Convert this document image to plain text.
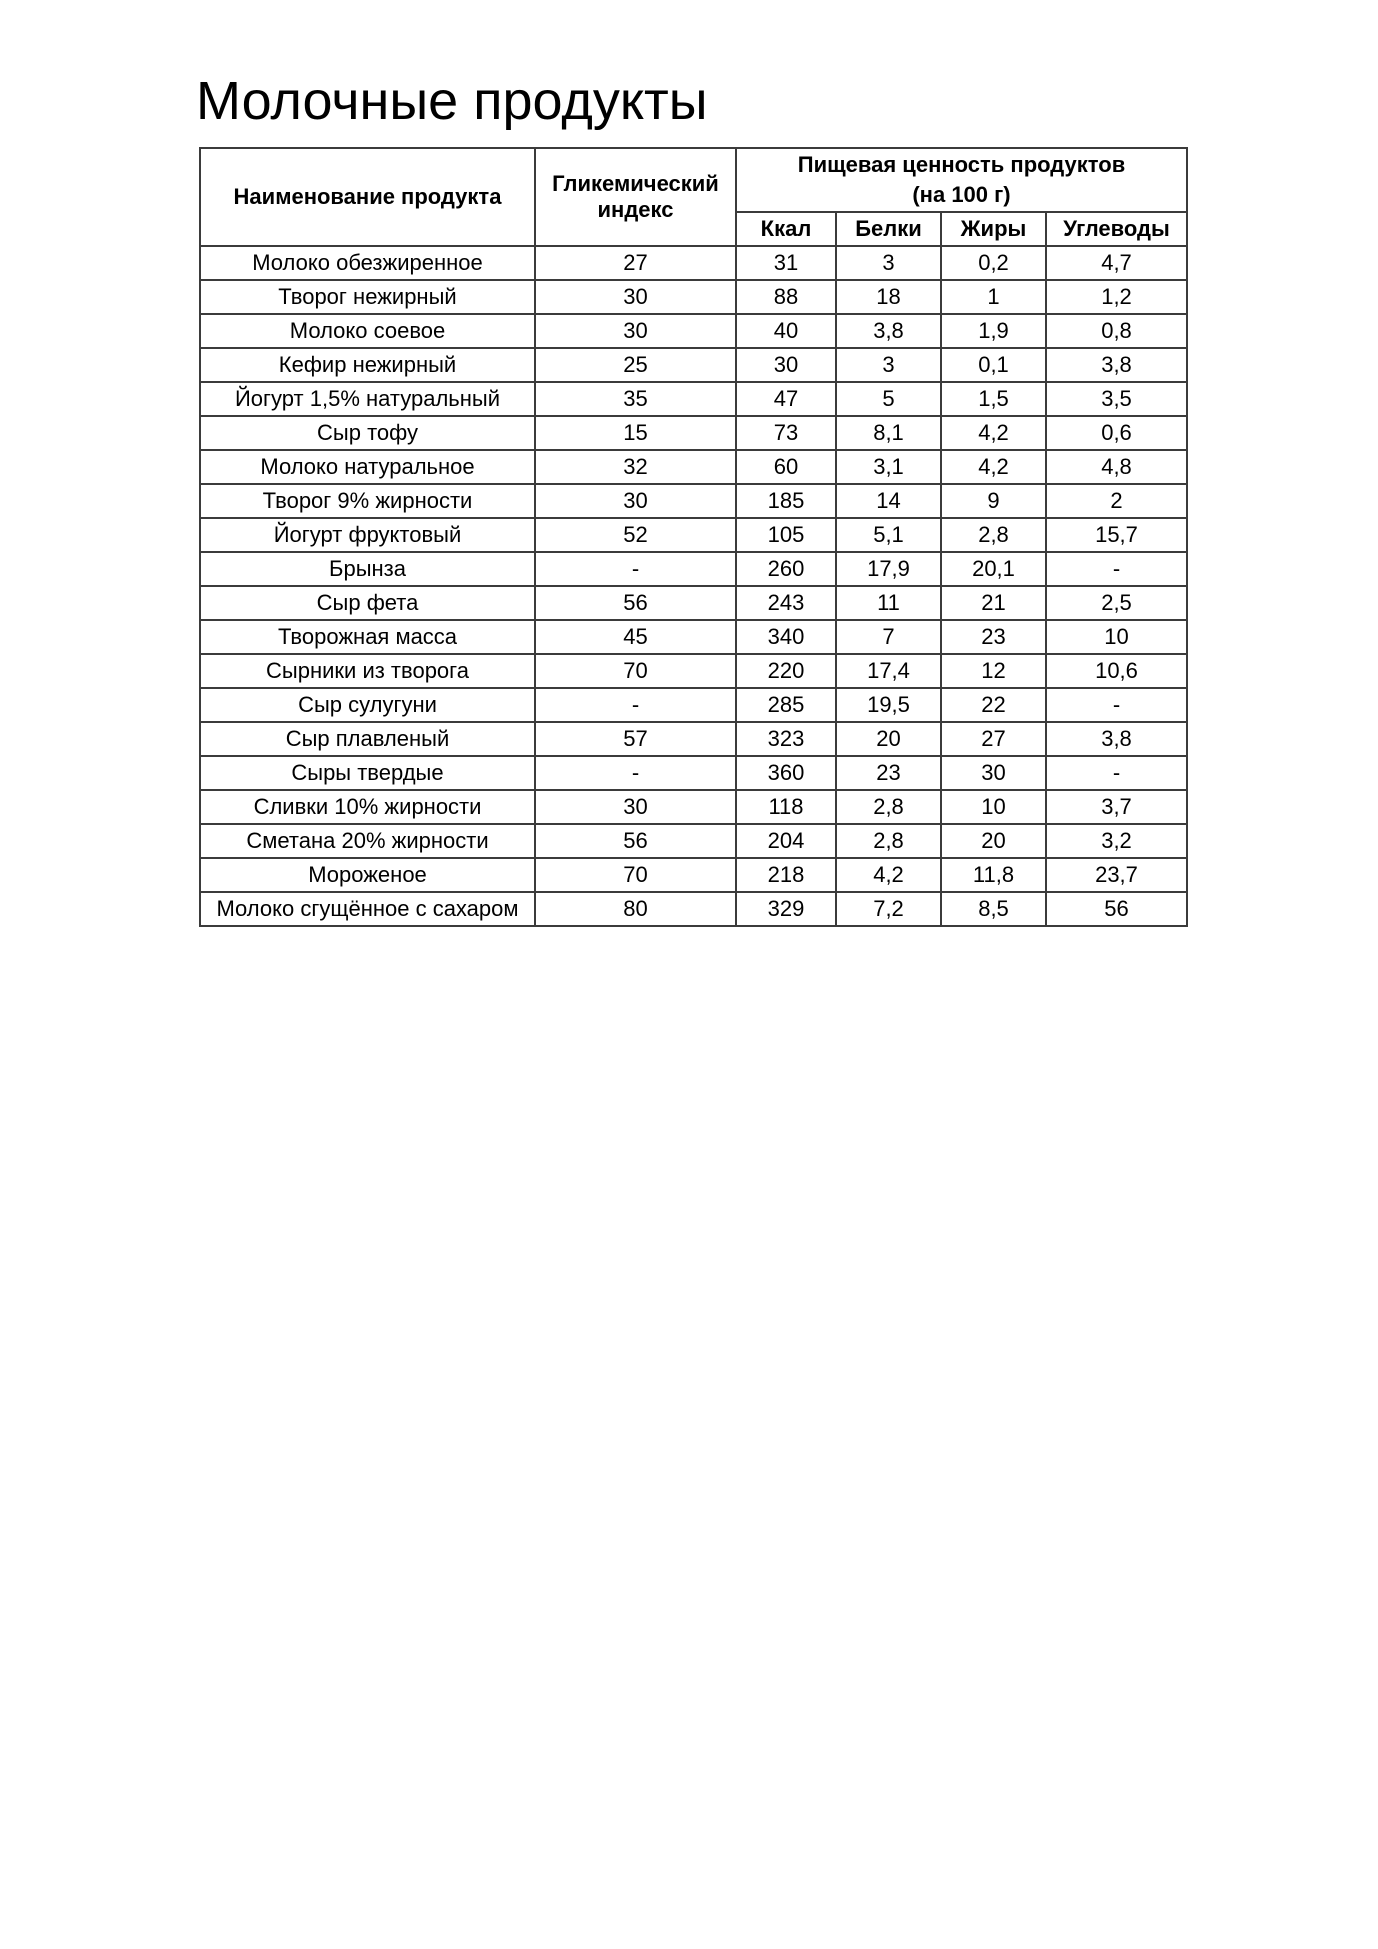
Молочные продукты
Наименование продукта	Гликемический индекс	Пищевая ценность продуктов
(на 100 г)			

		Ккал	Белки	Жиры	Углеводы
Молоко обезжиренное	27	31	3	0,2	4,7
Творог нежирный	30	88	18	1	1,2
Молоко соевое	30	40	3,8	1,9	0,8
Кефир нежирный	25	30	3	0,1	3,8
Йогурт 1,5% натуральный	35	47	5	1,5	3,5
Сыр тофу	15	73	8,1	4,2	0,6
Молоко натуральное	32	60	3,1	4,2	4,8
Творог 9% жирности	30	185	14	9	2
Йогурт фруктовый	52	105	5,1	2,8	15,7
Брынза	-	260	17,9	20,1	-
Сыр фета	56	243	11	21	2,5
Творожная масса	45	340	7	23	10
Сырники из творога	70	220	17,4	12	10,6
Сыр сулугуни	-	285	19,5	22	-
Сыр плавленый	57	323	20	27	3,8
Сыры твердые	-	360	23	30	-
Сливки 10% жирности	30	118	2,8	10	3,7
Сметана 20% жирности	56	204	2,8	20	3,2
Мороженое	70	218	4,2	11,8	23,7
Молоко сгущённое с сахаром	80	329	7,2	8,5	56
